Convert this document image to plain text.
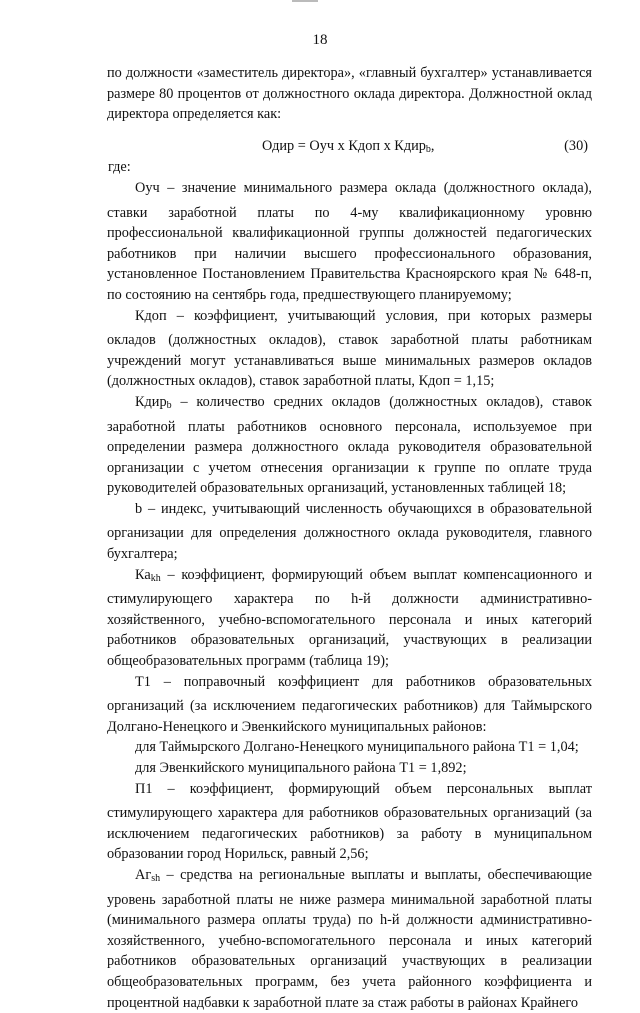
18

по должности «заместитель директора», «главный бухгалтер» устанавливается размере 80 процентов от должностного оклада директора. Должностной оклад директора определяется как:

Одир = Оуч х Кдоп х Кдир$_b$,	(30)

где:

Оуч – значение минимального размера оклада (должностного оклада), ставки заработной платы по 4-му квалификационному уровню профессиональной квалификационной группы должностей педагогических работников при наличии высшего профессионального образования, установленное Постановлением Правительства Красноярского края № 648-п, по состоянию на сентябрь года, предшествующего планируемому;

Кдоп – коэффициент, учитывающий условия, при которых размеры окладов (должностных окладов), ставок заработной платы работникам учреждений могут устанавливаться выше минимальных размеров окладов (должностных окладов), ставок заработной платы, Кдоп = 1,15;

Кдир$_b$ – количество средних окладов (должностных окладов), ставок заработной платы работников основного персонала, используемое при определении размера должностного оклада руководителя образовательной организации с учетом отнесения организации к группе по оплате труда руководителей образовательных организаций, установленных таблицей 18;

b – индекс, учитывающий численность обучающихся в образовательной организации для определения должностного оклада руководителя, главного бухгалтера;

$Ка_{kh}$ – коэффициент, формирующий объем выплат компенсационного и стимулирующего характера по h-й должности административно-хозяйственного, учебно-вспомогательного персонала и иных категорий работников образовательных организаций, участвующих в реализации общеобразовательных программ (таблица 19);

Т1 – поправочный коэффициент для работников образовательных организаций (за исключением педагогических работников) для Таймырского Долгано-Ненецкого и Эвенкийского муниципальных районов:

для Таймырского Долгано-Ненецкого муниципального района Т1 = 1,04;

для Эвенкийского муниципального района Т1 = 1,892;

П1 – коэффициент, формирующий объем персональных выплат стимулирующего характера для работников образовательных организаций (за исключением педагогических работников) за работу в муниципальном образовании город Норильск, равный 2,56;

$Аг_{sh}$ – средства на региональные выплаты и выплаты, обеспечивающие уровень заработной платы не ниже размера минимальной заработной платы (минимального размера оплаты труда) по h-й должности административно-хозяйственного, учебно-вспомогательного персонала и иных категорий работников образовательных организаций участвующих в реализации общеобразовательных программ, без учета районного коэффициента и процентной надбавки к заработной плате за стаж работы в районах Крайнего
